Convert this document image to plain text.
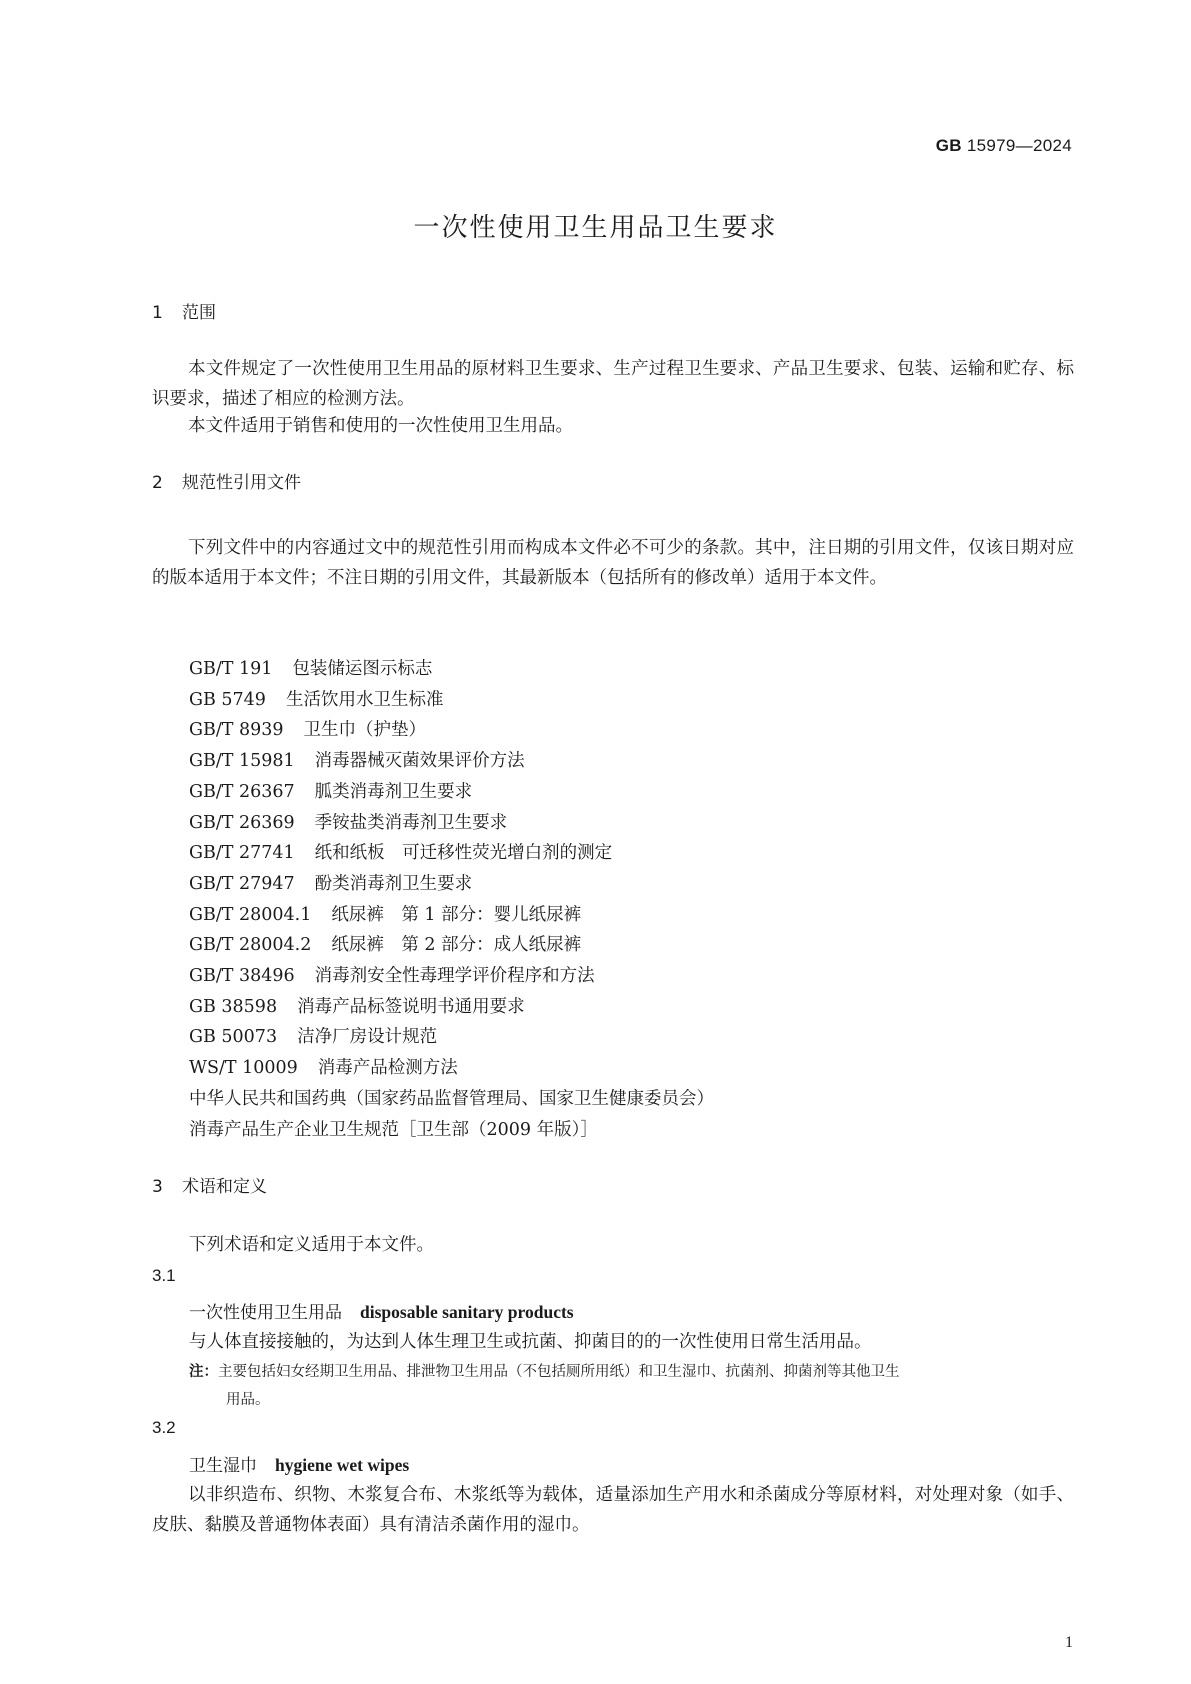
GB 15979—2024
一次性使用卫生用品卫生要求
1 范围

本文件规定了一次性使用卫生用品的原材料卫生要求、生产过程卫生要求、产品卫生要求、包装、运输和贮存、标识要求，描述了相应的检测方法。

本文件适用于销售和使用的一次性使用卫生用品。

2 规范性引用文件

下列文件中的内容通过文中的规范性引用而构成本文件必不可少的条款。其中，注日期的引用文件，仅该日期对应的版本适用于本文件；不注日期的引用文件，其最新版本（包括所有的修改单）适用于本文件。

GB/T 191 包装储运图示标志
GB 5749 生活饮用水卫生标准
GB/T 8939 卫生巾（护垫）
GB/T 15981 消毒器械灭菌效果评价方法
GB/T 26367 胍类消毒剂卫生要求
GB/T 26369 季铵盐类消毒剂卫生要求
GB/T 27741 纸和纸板　可迁移性荧光增白剂的测定
GB/T 27947 酚类消毒剂卫生要求
GB/T 28004.1 纸尿裤　第 1 部分：婴儿纸尿裤
GB/T 28004.2 纸尿裤　第 2 部分：成人纸尿裤
GB/T 38496 消毒剂安全性毒理学评价程序和方法
GB 38598 消毒产品标签说明书通用要求
GB 50073 洁净厂房设计规范
WS/T 10009 消毒产品检测方法
中华人民共和国药典（国家药品监督管理局、国家卫生健康委员会）
消毒产品生产企业卫生规范［卫生部（2009 年版）］
3 术语和定义

下列术语和定义适用于本文件。

3.1

一次性使用卫生用品 disposable sanitary products

与人体直接接触的，为达到人体生理卫生或抗菌、抑菌目的的一次性使用日常生活用品。

注：主要包括妇女经期卫生用品、排泄物卫生用品（不包括厕所用纸）和卫生湿巾、抗菌剂、抑菌剂等其他卫生
用品。

3.2

卫生湿巾 hygiene wet wipes

以非织造布、织物、木浆复合布、木浆纸等为载体，适量添加生产用水和杀菌成分等原材料，对处理对象（如手、皮肤、黏膜及普通物体表面）具有清洁杀菌作用的湿巾。

1
